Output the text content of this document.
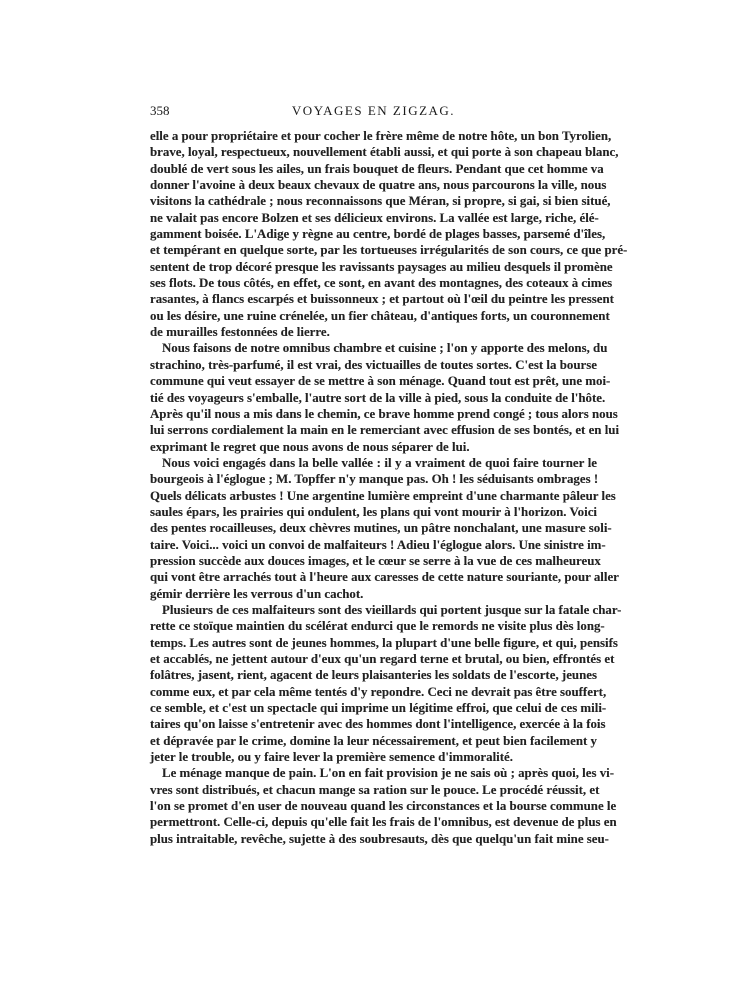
358	VOYAGES EN ZIGZAG.
elle a pour propriétaire et pour cocher le frère même de notre hôte, un bon Tyrolien,
brave, loyal, respectueux, nouvellement établi aussi, et qui porte à son chapeau blanc,
doublé de vert sous les ailes, un frais bouquet de fleurs. Pendant que cet homme va
donner l'avoine à deux beaux chevaux de quatre ans, nous parcourons la ville, nous
visitons la cathédrale ; nous reconnaissons que Méran, si propre, si gai, si bien situé,
ne valait pas encore Bolzen et ses délicieux environs. La vallée est large, riche, élé-
gamment boisée. L'Adige y règne au centre, bordé de plages basses, parsemé d'îles,
et tempérant en quelque sorte, par les tortueuses irrégularités de son cours, ce que pré-
sentent de trop décoré presque les ravissants paysages au milieu desquels il promène
ses flots. De tous côtés, en effet, ce sont, en avant des montagnes, des coteaux à cimes
rasantes, à flancs escarpés et buissonneux ; et partout où l'œil du peintre les pressent
ou les désire, une ruine crénelée, un fier château, d'antiques forts, un couronnement
de murailles festonnées de lierre.
Nous faisons de notre omnibus chambre et cuisine ; l'on y apporte des melons, du
strachino, très-parfumé, il est vrai, des victuailles de toutes sortes. C'est la bourse
commune qui veut essayer de se mettre à son ménage. Quand tout est prêt, une moi-
tié des voyageurs s'emballe, l'autre sort de la ville à pied, sous la conduite de l'hôte.
Après qu'il nous a mis dans le chemin, ce brave homme prend congé ; tous alors nous
lui serrons cordialement la main en le remerciant avec effusion de ses bontés, et en lui
exprimant le regret que nous avons de nous séparer de lui.
Nous voici engagés dans la belle vallée : il y a vraiment de quoi faire tourner le
bourgeois à l'églogue ; M. Topffer n'y manque pas. Oh ! les séduisants ombrages !
Quels délicats arbustes ! Une argentine lumière empreint d'une charmante pâleur les
saules épars, les prairies qui ondulent, les plans qui vont mourir à l'horizon. Voici
des pentes rocailleuses, deux chèvres mutines, un pâtre nonchalant, une masure soli-
taire. Voici... voici un convoi de malfaiteurs ! Adieu l'églogue alors. Une sinistre im-
pression succède aux douces images, et le cœur se serre à la vue de ces malheureux
qui vont être arrachés tout à l'heure aux caresses de cette nature souriante, pour aller
gémir derrière les verrous d'un cachot.
Plusieurs de ces malfaiteurs sont des vieillards qui portent jusque sur la fatale char-
rette ce stoïque maintien du scélérat endurci que le remords ne visite plus dès long-
temps. Les autres sont de jeunes hommes, la plupart d'une belle figure, et qui, pensifs
et accablés, ne jettent autour d'eux qu'un regard terne et brutal, ou bien, effrontés et
folâtres, jasent, rient, agacent de leurs plaisanteries les soldats de l'escorte, jeunes
comme eux, et par cela même tentés d'y repondre. Ceci ne devrait pas être souffert,
ce semble, et c'est un spectacle qui imprime un légitime effroi, que celui de ces mili-
taires qu'on laisse s'entretenir avec des hommes dont l'intelligence, exercée à la fois
et dépravée par le crime, domine la leur nécessairement, et peut bien facilement y
jeter le trouble, ou y faire lever la première semence d'immoralité.
Le ménage manque de pain. L'on en fait provision je ne sais où ; après quoi, les vi-
vres sont distribués, et chacun mange sa ration sur le pouce. Le procédé réussit, et
l'on se promet d'en user de nouveau quand les circonstances et la bourse commune le
permettront. Celle-ci, depuis qu'elle fait les frais de l'omnibus, est devenue de plus en
plus intraitable, revêche, sujette à des soubresauts, dès que quelqu'un fait mine seu-
